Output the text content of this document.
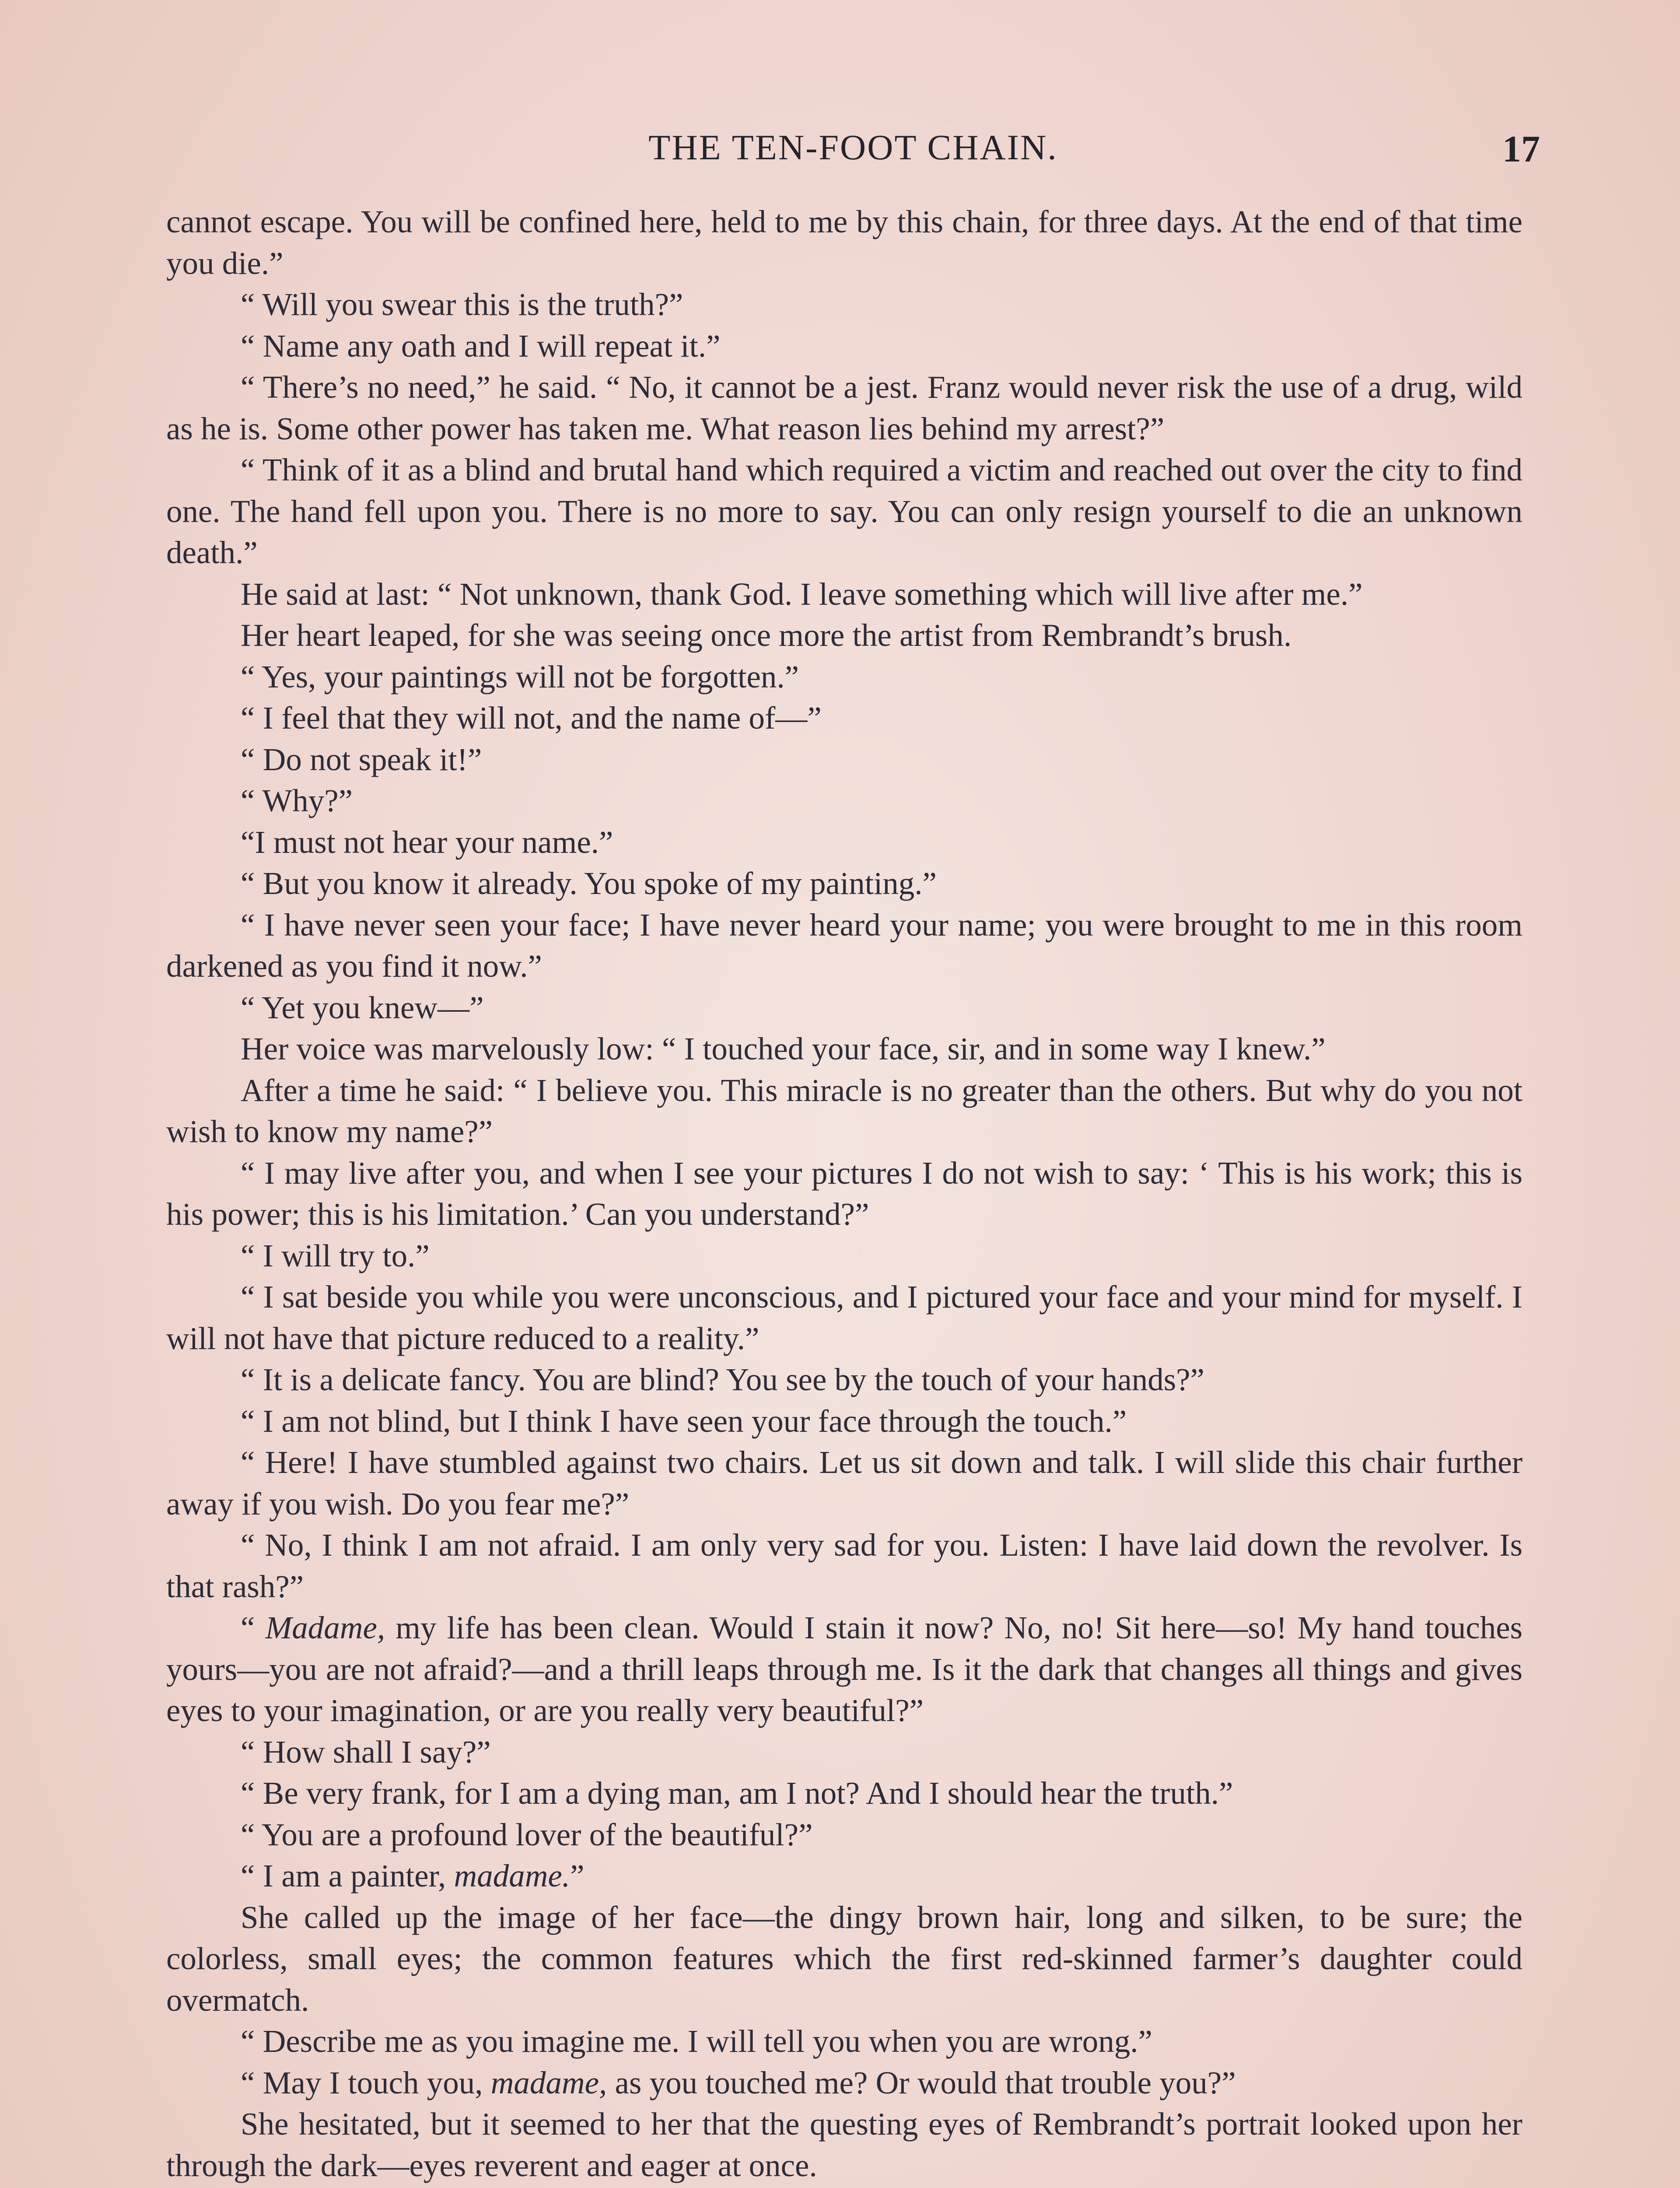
THE TEN-FOOT CHAIN.	17

cannot escape. You will be confined here, held to me by this chain, for three days. At the end of that time you die.”

“ Will you swear this is the truth?”

“ Name any oath and I will repeat it.”

“ There’s no need,” he said. “ No, it cannot be a jest. Franz would never risk the use of a drug, wild as he is. Some other power has taken me. What reason lies behind my arrest?”

“ Think of it as a blind and brutal hand which required a victim and reached out over the city to find one. The hand fell upon you. There is no more to say. You can only resign yourself to die an unknown death.”

He said at last: “ Not unknown, thank God. I leave something which will live after me.”

Her heart leaped, for she was seeing once more the artist from Rembrandt’s brush.

“ Yes, your paintings will not be forgotten.”

“ I feel that they will not, and the name of—”

“ Do not speak it!”

“ Why?”

“I must not hear your name.”

“ But you know it already. You spoke of my painting.”

“ I have never seen your face; I have never heard your name; you were brought to me in this room darkened as you find it now.”

“ Yet you knew—”

Her voice was marvelously low: “ I touched your face, sir, and in some way I knew.”

After a time he said: “ I believe you. This miracle is no greater than the others. But why do you not wish to know my name?”

“ I may live after you, and when I see your pictures I do not wish to say: ‘ This is his work; this is his power; this is his limitation.’ Can you understand?”

“ I will try to.”

“ I sat beside you while you were unconscious, and I pictured your face and your mind for myself. I will not have that picture reduced to a reality.”

“ It is a delicate fancy. You are blind? You see by the touch of your hands?”

“ I am not blind, but I think I have seen your face through the touch.”

“ Here! I have stumbled against two chairs. Let us sit down and talk. I will slide this chair further away if you wish. Do you fear me?”

“ No, I think I am not afraid. I am only very sad for you. Listen: I have laid down the revolver. Is that rash?”

“ Madame, my life has been clean. Would I stain it now? No, no! Sit here—so! My hand touches yours—you are not afraid?—and a thrill leaps through me. Is it the dark that changes all things and gives eyes to your imagination, or are you really very beautiful?”

“ How shall I say?”

“ Be very frank, for I am a dying man, am I not? And I should hear the truth.”

“ You are a profound lover of the beautiful?”

“ I am a painter, madame.”

She called up the image of her face—the dingy brown hair, long and silken, to be sure; the colorless, small eyes; the common features which the first red-skinned farmer’s daughter could overmatch.

“ Describe me as you imagine me. I will tell you when you are wrong.”

“ May I touch you, madame, as you touched me? Or would that trouble you?”

She hesitated, but it seemed to her that the questing eyes of Rembrandt’s portrait looked upon her through the dark—eyes reverent and eager at once.
